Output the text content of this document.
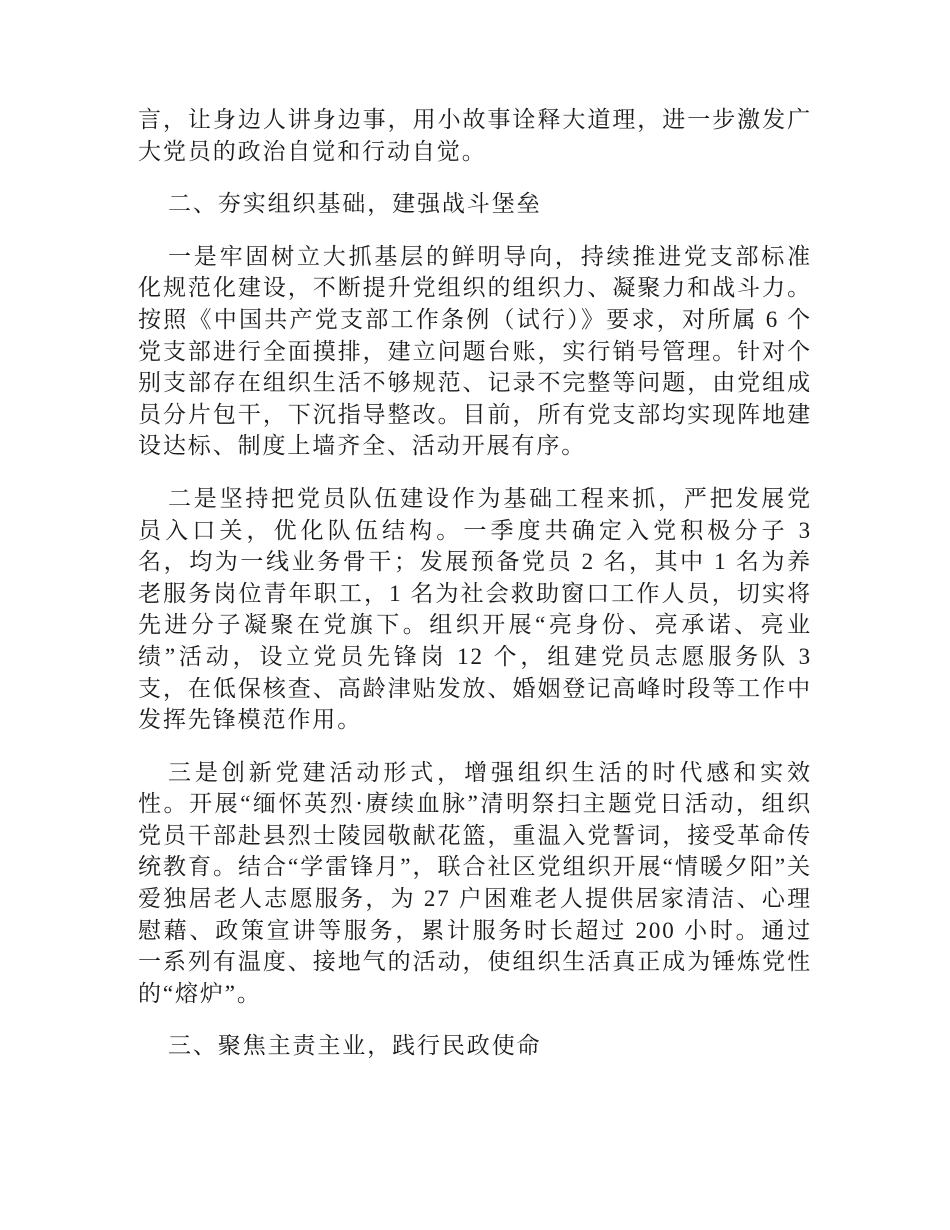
言，让身边人讲身边事，用小故事诠释大道理，进一步激发广大党员的政治自觉和行动自觉。

二、夯实组织基础，建强战斗堡垒

一是牢固树立大抓基层的鲜明导向，持续推进党支部标准化规范化建设，不断提升党组织的组织力、凝聚力和战斗力。按照《中国共产党支部工作条例（试行）》要求，对所属 6 个党支部进行全面摸排，建立问题台账，实行销号管理。针对个别支部存在组织生活不够规范、记录不完整等问题，由党组成员分片包干，下沉指导整改。目前，所有党支部均实现阵地建设达标、制度上墙齐全、活动开展有序。

二是坚持把党员队伍建设作为基础工程来抓，严把发展党员入口关，优化队伍结构。一季度共确定入党积极分子 3 名，均为一线业务骨干；发展预备党员 2 名，其中 1 名为养老服务岗位青年职工，1 名为社会救助窗口工作人员，切实将先进分子凝聚在党旗下。组织开展“亮身份、亮承诺、亮业绩”活动，设立党员先锋岗 12 个，组建党员志愿服务队 3 支，在低保核查、高龄津贴发放、婚姻登记高峰时段等工作中发挥先锋模范作用。

三是创新党建活动形式，增强组织生活的时代感和实效性。开展“缅怀英烈·赓续血脉”清明祭扫主题党日活动，组织党员干部赴县烈士陵园敬献花篮，重温入党誓词，接受革命传统教育。结合“学雷锋月”，联合社区党组织开展“情暖夕阳”关爱独居老人志愿服务，为 27 户困难老人提供居家清洁、心理慰藉、政策宣讲等服务，累计服务时长超过 200 小时。通过一系列有温度、接地气的活动，使组织生活真正成为锤炼党性的“熔炉”。

三、聚焦主责主业，践行民政使命
